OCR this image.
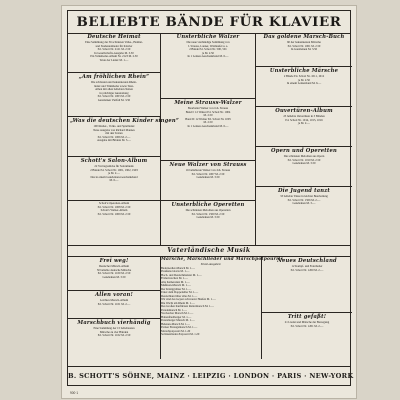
BELIEBTE BÄNDE FÜR KLAVIER
Deutsche Heimat
Eine Sammlung der 36 schönsten Volks-, Heimat-
und Studentenlieder für Klavier
Ed. Schott Nr. 2121 M. 2.50
In Gesellschafts-Ausgabe M. 3.50
Ein Volkslieder-Album Nr. 2123 M. 2.50
Texte der Lieder M. 1.—
„Am fröhlichen Rhein“
Die schönsten und bekanntesten Rhein-
lieder und Trinklieder sowie Tanz-
Alben mit allen beliebten Texten
in prächtiger Ausstattung
Ed. Schott Nr. 1003 M. 2.50
Ganzleinen Vielfalt M. 3.50
„Was die deutschen Kinder singen“
100 Kinder-, Volks- und Spiellieder
Neue Ausgabe von Richard Mannes
mit den Texten
Ed. Schott Nr. 1006 M. 2.—
Ausgabe mit Bildern M. 3.—
Schott's Salon-Album
22 Vortragsstücke für Salonmusik
2 Bände Ed. Schott Nr. 1901, 1902, 1903
je M. 2.—
Das in einem Ganzleinen-Geschenkband
M. 6.—
Schott's Operetten-Album
Ed. Schott Nr. 1008 M. 2.50
Schott's Walzer-Album
Ed. Schott Nr. 1009 M. 2.50
Unsterbliche Walzer
Die neue vierhändige Sammlung von
J. Strauss, Lanner, Waldteufel u. a.
2 Bände Ed. Schott Nr. 500, 501
je M. 2.50
In 1 Leinen-Geschenkband M. 6.—
Meine Strauss-Walzer
Bearbeitet Walzer von Joh. Strauss
Band I: 12 Walzer Ed. Schott Nr. 1004
M. 2.50
Band II: 12 Walzer Ed. Schott Nr. 1005
M. 2.50
In 1 Leinen-Geschenkband M. 6.—
Neue Walzer von Strauss
16 beliebteste Walzer von Joh. Strauss
Ed. Schott Nr. 1007 M. 2.50
Ganzleinen M. 3.50
Unsterbliche Operetten
Die schönsten Melodien aus Operetten
Ed. Schott Nr. 1500 M. 2.50
Ganzleinen M. 3.50
Das goldene Marsch-Buch
60 der bekanntesten Märsche
Ed. Schott Nr. 1001 M. 2.50
In Ganzleinen M. 3.50
Unsterbliche Märsche
2 Bände Ed. Schott Nr. 1011, 1012
je M. 2.50
In einem Leinenband M. 6.—
Ouvertüren-Album
23 beliebte Ouvertüren in 3 Bänden
Ed. Schott Nr. 1014, 1015, 1016
je M. 2.—
Opern und Operetten
Die schönsten Melodien aus Opern
Ed. Schott Nr. 1010 M. 2.50
Ganzleinen M. 3.50
Die Jugend tanzt
33 beliebte Tänze in leichter Bearbeitung
Ed. Schott Nr. 1506 M. 2.—
Ganzleinen M. 3.—
Vaterländische Musik
Frei weg!
Deutscher Märsch-Album
50 beliebte deutsche Märsche
Ed. Schott Nr. 1100 M. 2.50
Ganzleinen M. 3.50
Allen voran!
Leichtes Marsch-Album
Ed. Schott Nr. 1101 M. 2.—
Marschbuch vierhändig
Eine Sammlung der 15 beliebtesten
Märsche zu vier Händen
Ed. Schott Nr. 1102 M. 2.50
Märsche, Marschlieder und Marschpotpourris
Einzel-Ausgaben:
Badenweiler-Marsch M. 1.—
Preußens Gloria M. 1.—
Hoch- und Deutschmeister M. 1.—
Fridericus Rex M. 1.—
Alte Kameraden M. 1.—
Mußinan-Marsch M. 1.—
Der Königgrätzer M. 1.—
Unter dem Doppeladler M. 1.—
Deutschland über alles M. 1.—
Wir sind des Geyers schwarzer Haufen M. 1.—
Die Wacht am Rhein M. 1.—
Des Großen Kurfürsten Reitermarsch M. 1.—
Parademarsch M. 1.—
Yorckscher Marsch M. 1.—
Hohenfriedberger M. 1.—
Petersburger Marsch M. 1.—
Helenen-Marsch M. 1.—
Pariser Einzugsmarsch M. 1.—
Marschpotpourri M. 1.20
Soldatenlieder-Potpourri M. 1.20
Neues Deutschland
12 Kampf- und Feierlieder
Ed. Schott Nr. 1200 M. 2.—
Tritt gefaßt!
21 Lieder und Märsche der Bewegung
Ed. Schott Nr. 1201 M. 2.—
B. SCHOTT'S SÖHNE, MAINZ · LEIPZIG · LONDON · PARIS · NEW-YORK
900·1
